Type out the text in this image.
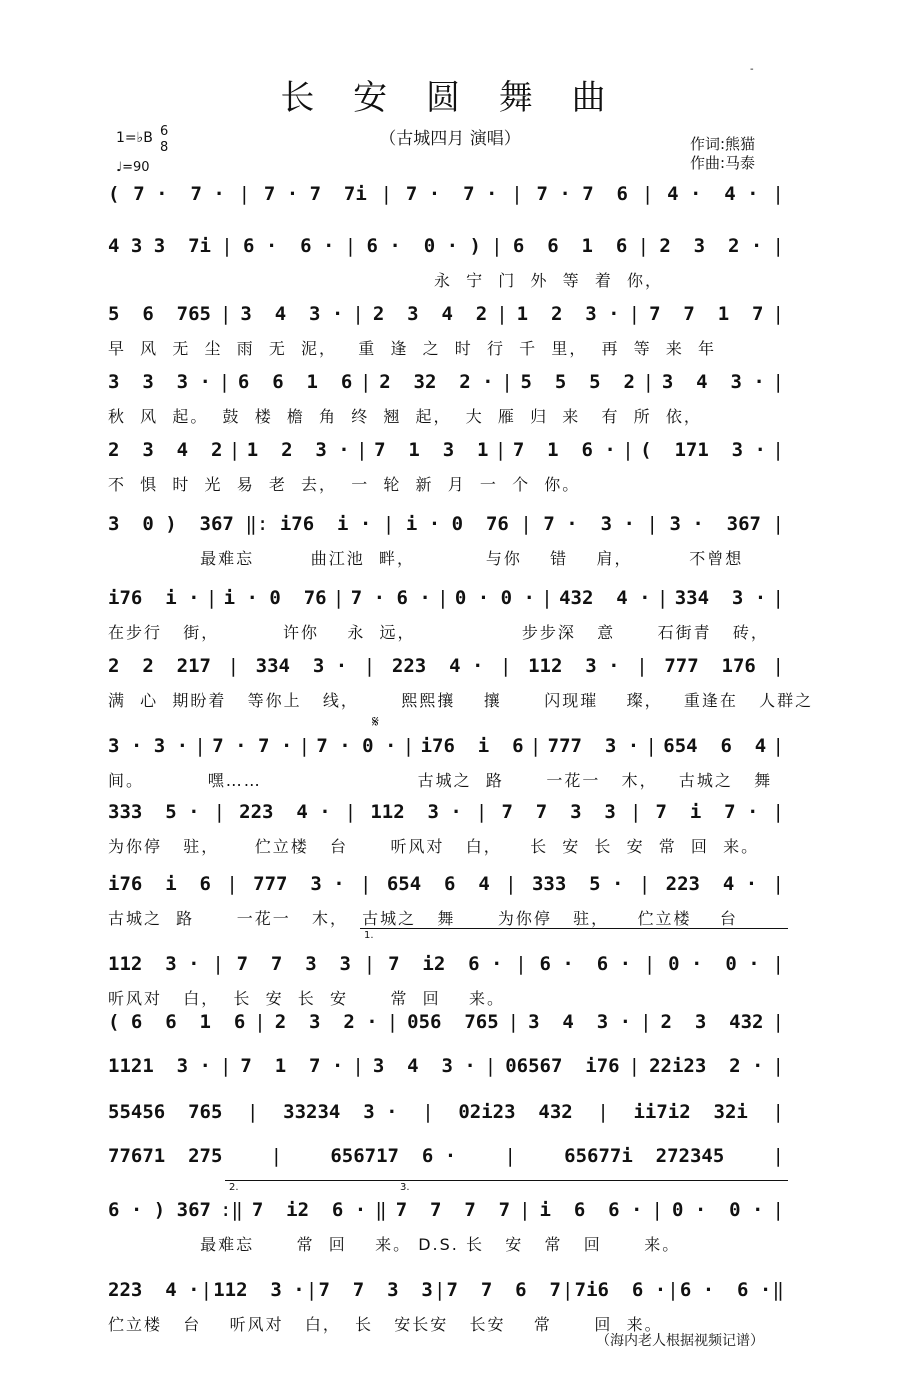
-
长 安 圆 舞 曲
（古城四月 演唱）
1=♭B 6
8
♩=90
作词:熊猫
作曲:马泰
1.
2.	3.
𝄋
( 7 ·  7 · | 7 · 7  7i | 7 ·  7 · | 7 · 7  6 | 4 ·  4 · |
4 3 3  7i | 6 ·  6 · | 6 ·  0 · ) | 6  6  1  6 | 2  3  2 · |
永  宁  门  外  等  着  你，
5  6  765 | 3  4  3 · | 2  3  4  2 | 1  2  3 · | 7  7  1  7 |
早  风  无  尘  雨  无  泥，   重  逢  之  时  行  千  里，  再  等  来  年
3  3  3 · | 6  6  1  6 | 2  32  2 · | 5  5  5  2 | 3  4  3 · |
秋  风  起。  鼓  楼  檐  角  终  翘  起，  大  雁  归  来   有  所  依，
2  3  4  2 | 1  2  3 · | 7  1  3  1 | 7  1  6 · | (  171  3 · |
不  惧  时  光  易  老  去，  一  轮  新  月  一  个  你。
3  0 )  367 ‖: i76  i · | i · 0  76 | 7 ·  3 · | 3 ·  367 |
最难忘        曲江池  畔，          与你    错    肩，        不曾想
i76  i · | i · 0  76 | 7 · 6 · | 0 · 0 · | 432  4 · | 334  3 · |
在步行   街，         许你    永  远，               步步深   意      石街青   砖，
2  2  217 | 334  3 · | 223  4 · | 112  3 · | 777  176 |
满  心  期盼着   等你上   线，      熙熙攘    攘      闪现璀    璨，   重逢在   人群之
3 · 3 · | 7 · 7 · | 7 · 0 · | i76  i  6 | 777  3 · | 654  6  4 |
间。         嘿……                      古城之  路      一花一   木，   古城之   舞
333  5 · | 223  4 · | 112  3 · | 7  7  3  3 | 7  i  7 · |
为你停   驻，     伫立楼   台      听风对   白，    长  安  长  安  常  回  来。
i76  i  6 | 777  3 · | 654  6  4 | 333  5 · | 223  4 · |
古城之  路      一花一   木，  古城之   舞      为你停   驻，    伫立楼    台
112  3 · | 7  7  3  3 | 7  i2  6 · | 6 ·  6 · | 0 ·  0 · |
听风对   白，  长  安  长  安      常  回    来。
( 6  6  1  6 | 2  3  2 · | 056  765 | 3  4  3 · | 2  3  432 |
1121  3 · | 7  1  7 · | 3  4  3 · | 06567  i76 | 22i23  2 · |
55456  765 | 33234  3 · | 02i23  432 | ii7i2  32i |
77671  275	|	656717  6 ·	|	65677i  272345	|
6 · ) 367 :‖ 7  i2  6 · ‖ 7  7  7  7 | i  6  6 · | 0 ·  0 · |
最难忘      常  回    来。 D.S. 长   安   常   回      来。
223  4 · | 112  3 · | 7  7  3  3 | 7  7  6  7 | 7i6  6 · | 6 ·  6 · ‖
伫立楼   台    听风对   白，  长   安长安   长安    常      回  来。
（海内老人根据视频记谱）
